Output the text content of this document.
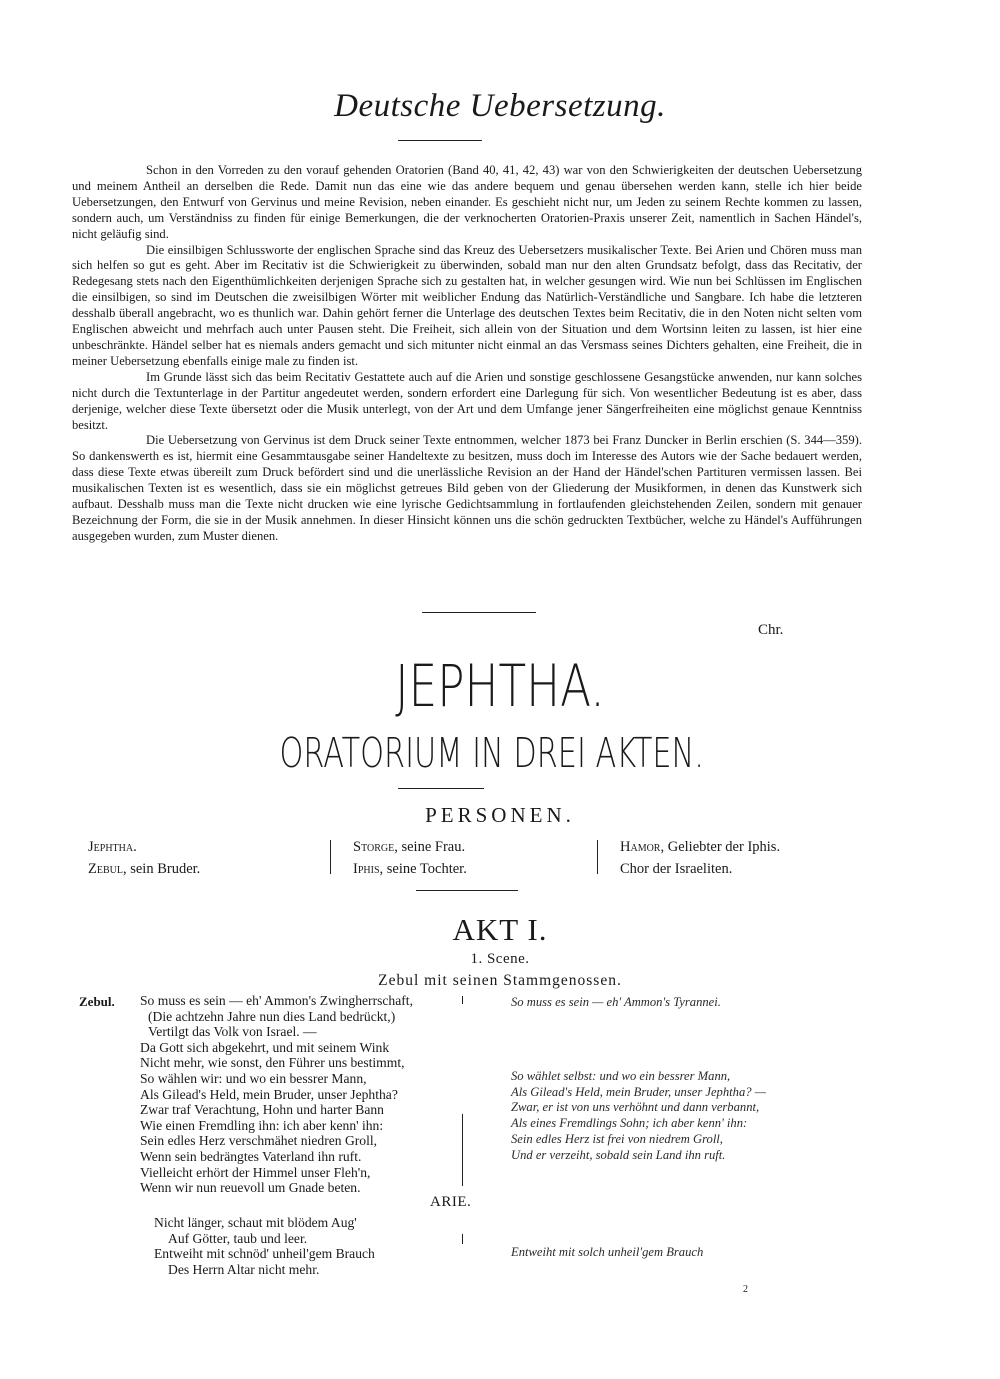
Deutsche Uebersetzung.

Schon in den Vorreden zu den vorauf gehenden Oratorien (Band 40, 41, 42, 43) war von den Schwierigkeiten der deutschen Uebersetzung und meinem Antheil an derselben die Rede. Damit nun das eine wie das andere bequem und genau übersehen werden kann, stelle ich hier beide Uebersetzungen, den Entwurf von Gervinus und meine Revision, neben einander. Es geschieht nicht nur, um Jeden zu seinem Rechte kommen zu lassen, sondern auch, um Verständniss zu finden für einige Bemerkungen, die der verknocherten Oratorien-Praxis unserer Zeit, namentlich in Sachen Händel's, nicht geläufig sind.

Die einsilbigen Schlussworte der englischen Sprache sind das Kreuz des Uebersetzers musikalischer Texte. Bei Arien und Chören muss man sich helfen so gut es geht. Aber im Recitativ ist die Schwierigkeit zu überwinden, sobald man nur den alten Grundsatz befolgt, dass das Recitativ, der Redegesang stets nach den Eigenthümlichkeiten derjenigen Sprache sich zu gestalten hat, in welcher gesungen wird. Wie nun bei Schlüssen im Englischen die einsilbigen, so sind im Deutschen die zweisilbigen Wörter mit weiblicher Endung das Natürlich-Verständliche und Sangbare. Ich habe die letzteren desshalb überall angebracht, wo es thunlich war. Dahin gehört ferner die Unterlage des deutschen Textes beim Recitativ, die in den Noten nicht selten vom Englischen abweicht und mehrfach auch unter Pausen steht. Die Freiheit, sich allein von der Situation und dem Wortsinn leiten zu lassen, ist hier eine unbeschränkte. Händel selber hat es niemals anders gemacht und sich mitunter nicht einmal an das Versmass seines Dichters gehalten, eine Freiheit, die in meiner Uebersetzung ebenfalls einige male zu finden ist.

Im Grunde lässt sich das beim Recitativ Gestattete auch auf die Arien und sonstige geschlossene Gesangstücke anwenden, nur kann solches nicht durch die Textunterlage in der Partitur angedeutet werden, sondern erfordert eine Darlegung für sich. Von wesentlicher Bedeutung ist es aber, dass derjenige, welcher diese Texte übersetzt oder die Musik unterlegt, von der Art und dem Umfange jener Sängerfreiheiten eine möglichst genaue Kenntniss besitzt.

Die Uebersetzung von Gervinus ist dem Druck seiner Texte entnommen, welcher 1873 bei Franz Duncker in Berlin erschien (S. 344—359). So dankenswerth es ist, hiermit eine Gesammtausgabe seiner Handeltexte zu besitzen, muss doch im Interesse des Autors wie der Sache bedauert werden, dass diese Texte etwas übereilt zum Druck befördert sind und die unerlässliche Revision an der Hand der Händel'schen Partituren vermissen lassen. Bei musikalischen Texten ist es wesentlich, dass sie ein möglichst getreues Bild geben von der Gliederung der Musikformen, in denen das Kunstwerk sich aufbaut. Desshalb muss man die Texte nicht drucken wie eine lyrische Gedichtsammlung in fortlaufenden gleichstehenden Zeilen, sondern mit genauer Bezeichnung der Form, die sie in der Musik annehmen. In dieser Hinsicht können uns die schön gedruckten Textbücher, welche zu Händel's Aufführungen ausgegeben wurden, zum Muster dienen.

Chr.
JEPHTHA.
ORATORIUM IN DREI AKTEN.
PERSONEN.
Jephtha.
Zebul, sein Bruder.
Storge, seine Frau.
Iphis, seine Tochter.
Hamor, Geliebter der Iphis.
Chor der Israeliten.
AKT I.
1. Scene.
Zebul mit seinen Stammgenossen.
Zebul. So muss es sein — eh' Ammon's Zwingherrschaft,
(Die achtzehn Jahre nun dies Land bedrückt,)
Vertilgt das Volk von Israel. —
Da Gott sich abgekehrt, und mit seinem Wink
Nicht mehr, wie sonst, den Führer uns bestimmt,
So wählen wir: und wo ein bessrer Mann,
Als Gilead's Held, mein Bruder, unser Jephtha?
Zwar traf Verachtung, Hohn und harter Bann
Wie einen Fremdling ihn: ich aber kenn' ihn:
Sein edles Herz verschmähet niedren Groll,
Wenn sein bedrängtes Vaterland ihn ruft.
Vielleicht erhört der Himmel unser Fleh'n,
Wenn wir nun reuevoll um Gnade beten.
So muss es sein — eh' Ammon's Tyrannei.
So wählet selbst: und wo ein bessrer Mann,
Als Gilead's Held, mein Bruder, unser Jephtha? —
Zwar, er ist von uns verhöhnt und dann verbannt,
Als eines Fremdlings Sohn; ich aber kenn' ihn:
Sein edles Herz ist frei von niedrem Groll,
Und er verzeiht, sobald sein Land ihn ruft.
ARIE.
Nicht länger, schaut mit blödem Aug'
Auf Götter, taub und leer.
Entweiht mit schnöd' unheil'gem Brauch
Des Herrn Altar nicht mehr.
Entweiht mit solch unheil'gem Brauch
2
